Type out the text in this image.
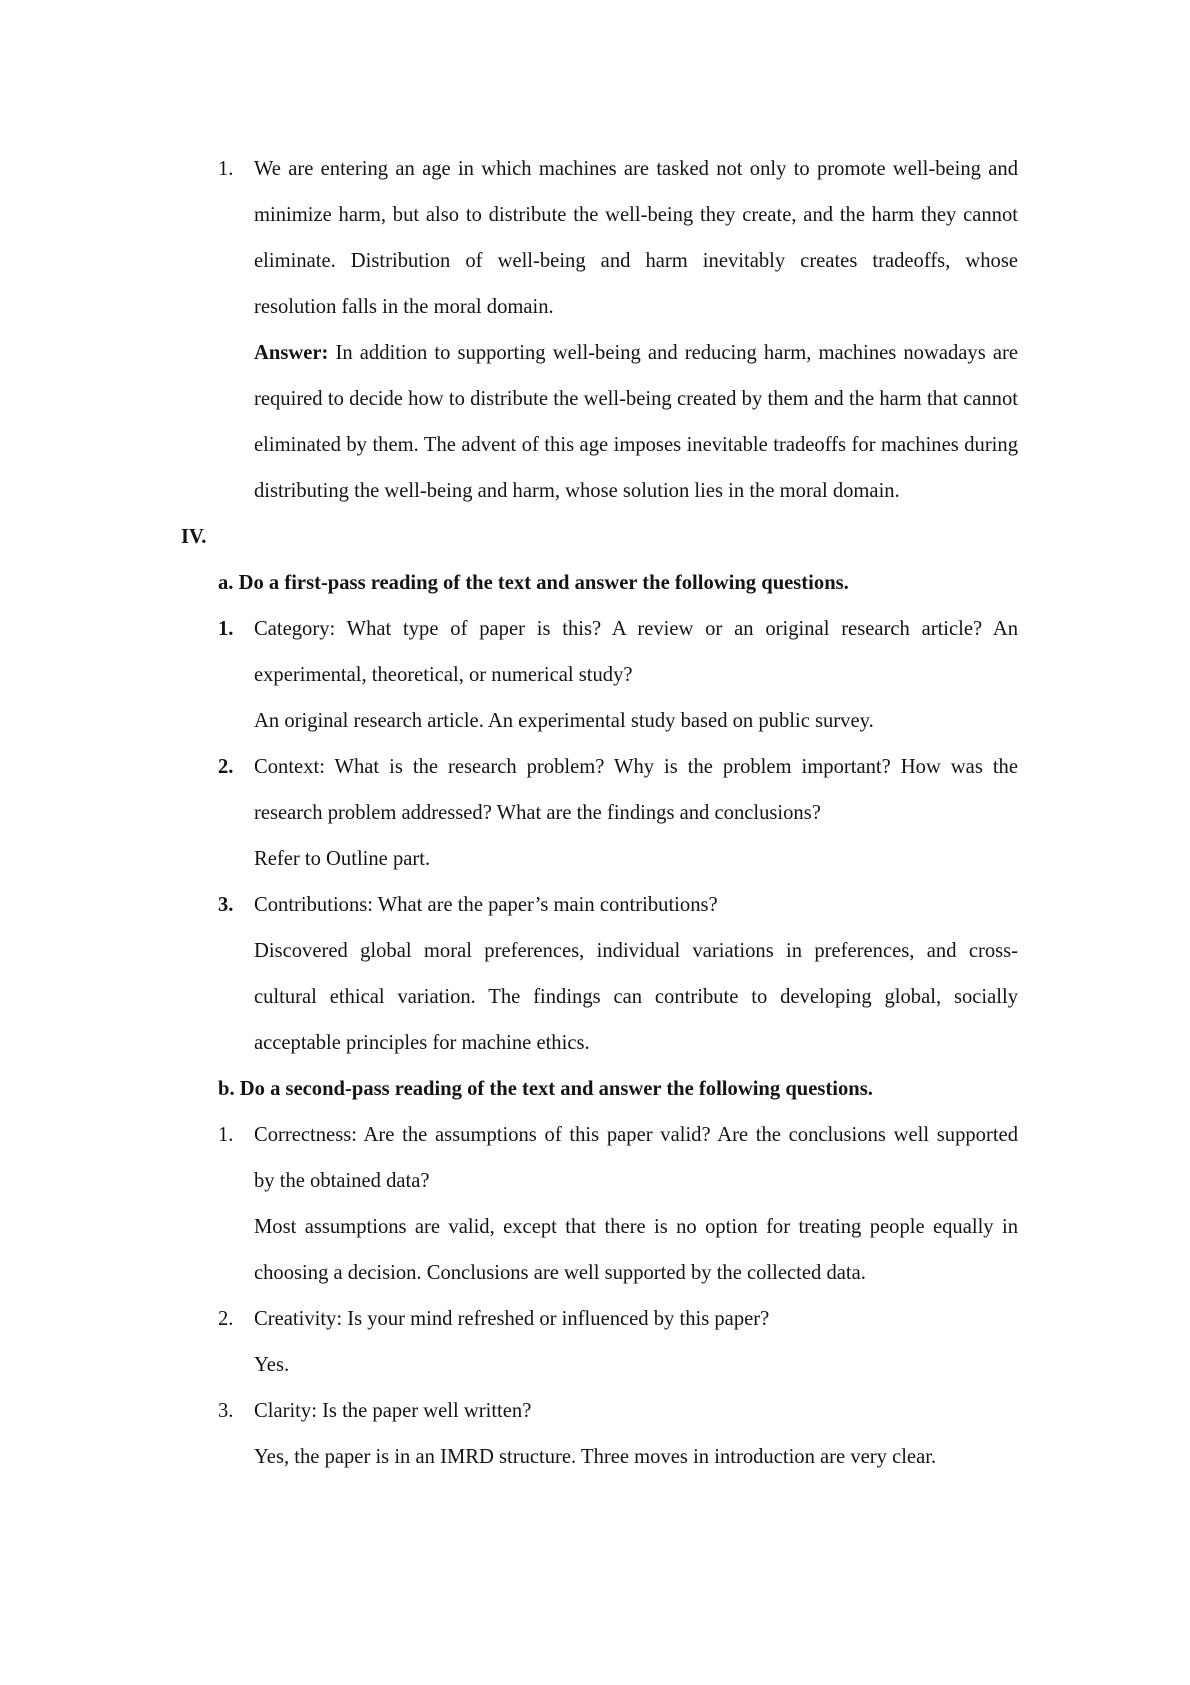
1. We are entering an age in which machines are tasked not only to promote well-being and
minimize harm, but also to distribute the well-being they create, and the harm they cannot
eliminate. Distribution of well-being and harm inevitably creates tradeoffs, whose
resolution falls in the moral domain.
Answer: In addition to supporting well-being and reducing harm, machines nowadays are
required to decide how to distribute the well-being created by them and the harm that cannot
eliminated by them. The advent of this age imposes inevitable tradeoffs for machines during
distributing the well-being and harm, whose solution lies in the moral domain.
IV.
a. Do a first-pass reading of the text and answer the following questions.
1. Category: What type of paper is this? A review or an original research article? An
experimental, theoretical, or numerical study?
An original research article. An experimental study based on public survey.
2. Context: What is the research problem? Why is the problem important? How was the
research problem addressed? What are the findings and conclusions?
Refer to Outline part.
3. Contributions: What are the paper’s main contributions?
Discovered global moral preferences, individual variations in preferences, and cross-
cultural ethical variation. The findings can contribute to developing global, socially
acceptable principles for machine ethics.
b. Do a second-pass reading of the text and answer the following questions.
1. Correctness: Are the assumptions of this paper valid? Are the conclusions well supported
by the obtained data?
Most assumptions are valid, except that there is no option for treating people equally in
choosing a decision. Conclusions are well supported by the collected data.
2. Creativity: Is your mind refreshed or influenced by this paper?
Yes.
3. Clarity: Is the paper well written?
Yes, the paper is in an IMRD structure. Three moves in introduction are very clear.
